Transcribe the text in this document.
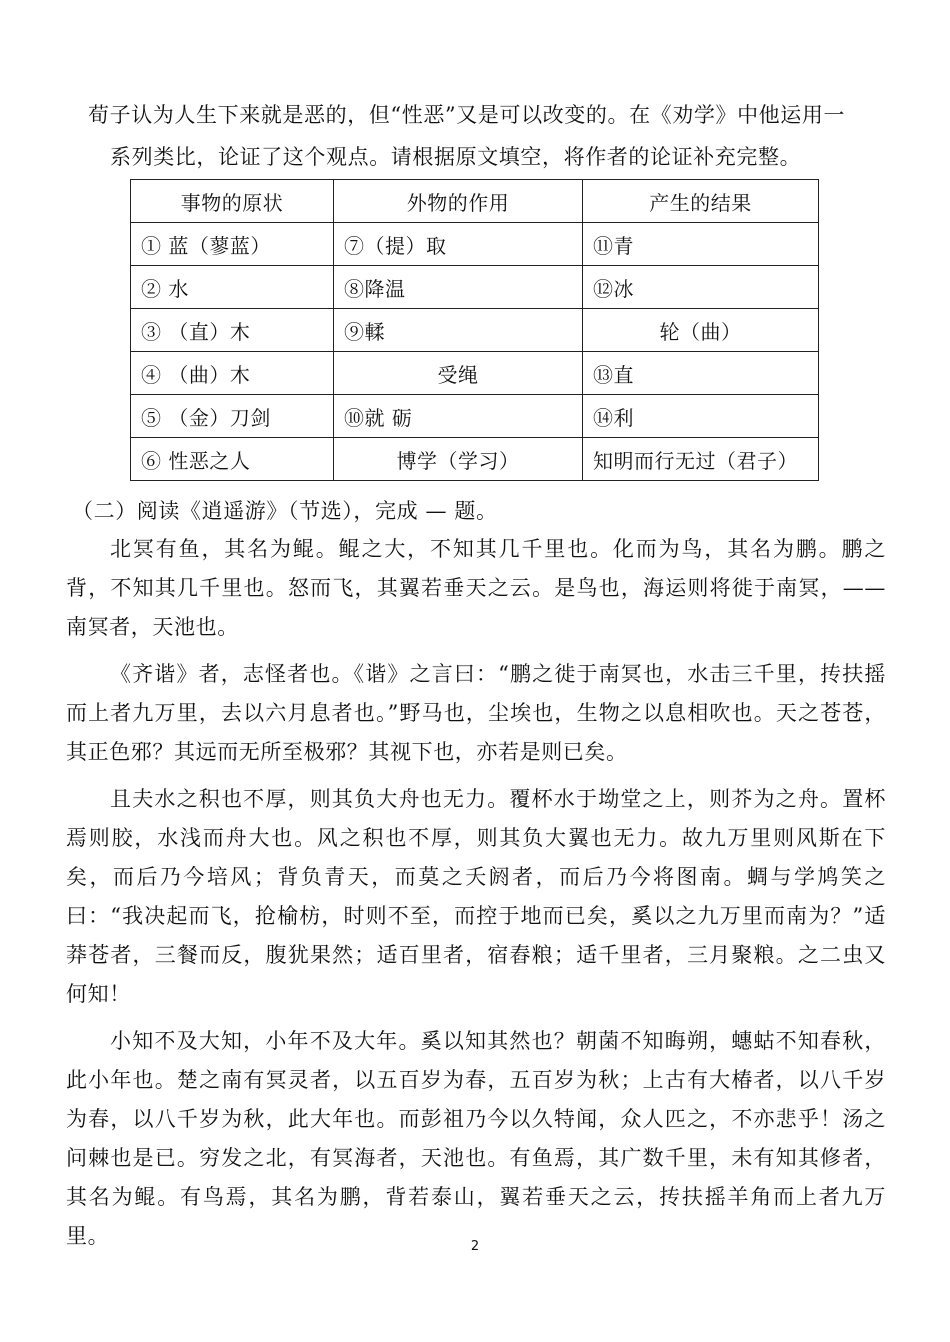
荀子认为人生下来就是恶的，但“性恶”又是可以改变的。在《劝学》中他运用一
系列类比，论证了这个观点。请根据原文填空，将作者的论证补充完整。
事物的原状	外物的作用	产生的结果
① 蓝（蓼蓝）	⑦（提）取	⑪青
② 水	⑧降温	⑫冰
③ （直）木	⑨輮	轮（曲）
④ （曲）木	受绳	⑬直
⑤ （金）刀剑	⑩就 砺	⑭利
⑥ 性恶之人	博学（学习）	知明而行无过（君子）
（二）阅读《逍遥游》（节选），完成 — 题。

北冥有鱼，其名为鲲。鲲之大，不知其几千里也。化而为鸟，其名为鹏。鹏之背，不知其几千里也。怒而飞，其翼若垂天之云。是鸟也，海运则将徙于南冥，——南冥者，天池也。

《齐谐》者，志怪者也。《谐》之言曰：“鹏之徙于南冥也，水击三千里，抟扶摇而上者九万里，去以六月息者也。”野马也，尘埃也，生物之以息相吹也。天之苍苍，其正色邪？其远而无所至极邪？其视下也，亦若是则已矣。

且夫水之积也不厚，则其负大舟也无力。覆杯水于坳堂之上，则芥为之舟。置杯焉则胶，水浅而舟大也。风之积也不厚，则其负大翼也无力。故九万里则风斯在下矣，而后乃今培风；背负青天，而莫之夭阏者，而后乃今将图南。蜩与学鸠笑之曰：“我决起而飞，抢榆枋，时则不至，而控于地而已矣，奚以之九万里而南为？”适莽苍者，三餐而反，腹犹果然；适百里者，宿舂粮；适千里者，三月聚粮。之二虫又何知！

小知不及大知，小年不及大年。奚以知其然也？朝菌不知晦朔，蟪蛄不知春秋，此小年也。楚之南有冥灵者，以五百岁为春，五百岁为秋；上古有大椿者，以八千岁为春，以八千岁为秋，此大年也。而彭祖乃今以久特闻，众人匹之，不亦悲乎！汤之问棘也是已。穷发之北，有冥海者，天池也。有鱼焉，其广数千里，未有知其修者，其名为鲲。有鸟焉，其名为鹏，背若泰山，翼若垂天之云，抟扶摇羊角而上者九万里。	2
